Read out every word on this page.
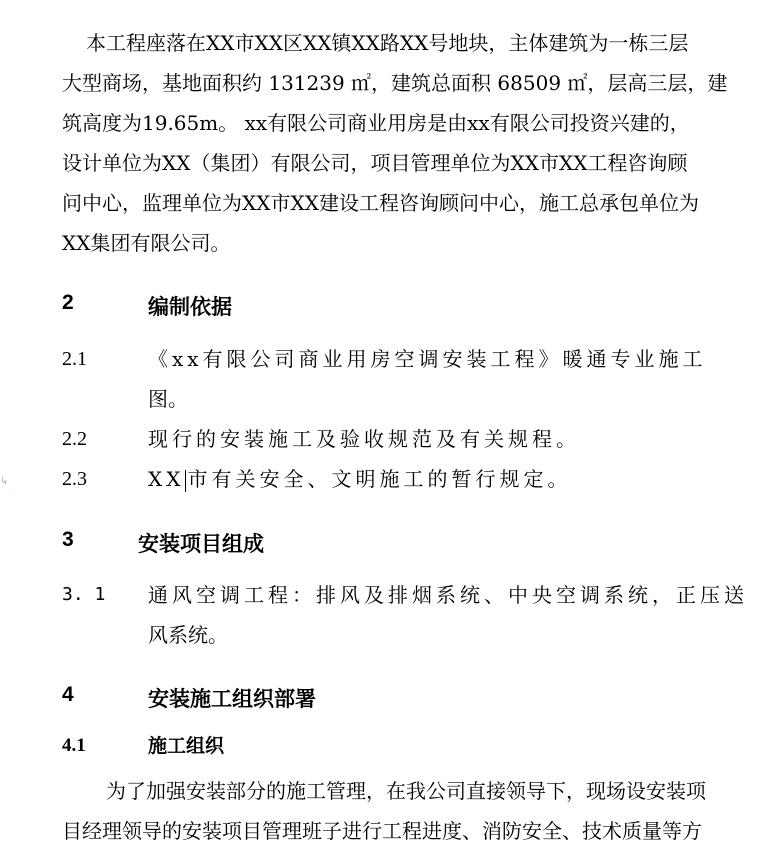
本工程座落在XX市XX区XX镇XX路XX号地块，主体建筑为一栋三层
大型商场，基地面积约 131239 ㎡，建筑总面积 68509 ㎡，层高三层，建
筑高度为19.65m。 xx有限公司商业用房是由xx有限公司投资兴建的，
设计单位为XX（集团）有限公司，项目管理单位为XX市XX工程咨询顾
问中心，监理单位为XX市XX建设工程咨询顾问中心，施工总承包单位为
XX集团有限公司。
2	编制依据
2.1	《xx有限公司商业用房空调安装工程》暖通专业施工
图。
2.2	现行的安装施工及验收规范及有关规程。
↳	2.3	XX 市有关安全、文明施工的暂行规定。
3	安装项目组成
3. 1 通风空调工程：排风及排烟系统、中央空调系统，正压送
风系统。
4	安装施工组织部署
4.1	施工组织
为了加强安装部分的施工管理，在我公司直接领导下，现场设安装项
目经理领导的安装项目管理班子进行工程进度、消防安全、技术质量等方
